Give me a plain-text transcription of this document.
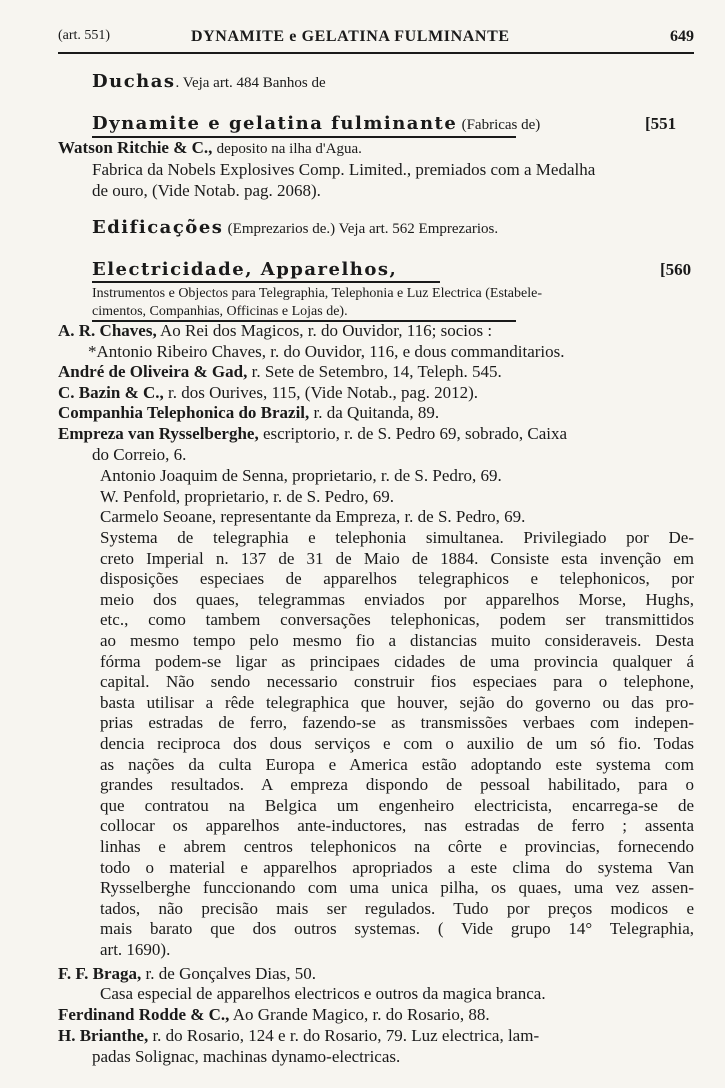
(art. 551)	DYNAMITE e GELATINA FULMINANTE	649
Duchas. Veja art. 484 Banhos de
Dynamite e gelatina fulminante (Fabricas de)	[551
Watson Ritchie & C., deposito na ilha d'Agua.
Fabrica da Nobels Explosives Comp. Limited., premiados com a Medalha
de ouro, (Vide Notab. pag. 2068).
Edificações (Emprezarios de.) Veja art. 562 Emprezarios.
Electricidade, Apparelhos,	[560
Instrumentos e Objectos para Telegraphia, Telephonia e Luz Electrica (Estabele-
cimentos, Companhias, Officinas e Lojas de).
A. R. Chaves, Ao Rei dos Magicos, r. do Ouvidor, 116; socios :
*Antonio Ribeiro Chaves, r. do Ouvidor, 116, e dous commanditarios.
André de Oliveira & Gad, r. Sete de Setembro, 14, Teleph. 545.
C. Bazin & C., r. dos Ourives, 115, (Vide Notab., pag. 2012).
Companhia Telephonica do Brazil, r. da Quitanda, 89.
Empreza van Rysselberghe, escriptorio, r. de S. Pedro 69, sobrado, Caixa
do Correio, 6.
Antonio Joaquim de Senna, proprietario, r. de S. Pedro, 69.
W. Penfold, proprietario, r. de S. Pedro, 69.
Carmelo Seoane, representante da Empreza, r. de S. Pedro, 69.
Systema de telegraphia e telephonia simultanea. Privilegiado por De-
creto Imperial n. 137 de 31 de Maio de 1884. Consiste esta invenção em
disposições especiaes de apparelhos telegraphicos e telephonicos, por
meio dos quaes, telegrammas enviados por apparelhos Morse, Hughs,
etc., como tambem conversações telephonicas, podem ser transmittidos
ao mesmo tempo pelo mesmo fio a distancias muito consideraveis. Desta
fórma podem-se ligar as principaes cidades de uma provincia qualquer á
capital. Não sendo necessario construir fios especiaes para o telephone,
basta utilisar a rêde telegraphica que houver, sejão do governo ou das pro-
prias estradas de ferro, fazendo-se as transmissões verbaes com indepen-
dencia reciproca dos dous serviços e com o auxilio de um só fio. Todas
as nações da culta Europa e America estão adoptando este systema com
grandes resultados. A empreza dispondo de pessoal habilitado, para o
que contratou na Belgica um engenheiro electricista, encarrega-se de
collocar os apparelhos ante-inductores, nas estradas de ferro ; assenta
linhas e abrem centros telephonicos na côrte e provincias, fornecendo
todo o material e apparelhos apropriados a este clima do systema Van
Rysselberghe funccionando com uma unica pilha, os quaes, uma vez assen-
tados, não precisão mais ser regulados. Tudo por preços modicos e
mais barato que dos outros systemas. ( Vide grupo 14° Telegraphia,
art. 1690).
F. F. Braga, r. de Gonçalves Dias, 50.
Casa especial de apparelhos electricos e outros da magica branca.
Ferdinand Rodde & C., Ao Grande Magico, r. do Rosario, 88.
H. Brianthe, r. do Rosario, 124 e r. do Rosario, 79. Luz electrica, lam-
padas Solignac, machinas dynamo-electricas.
